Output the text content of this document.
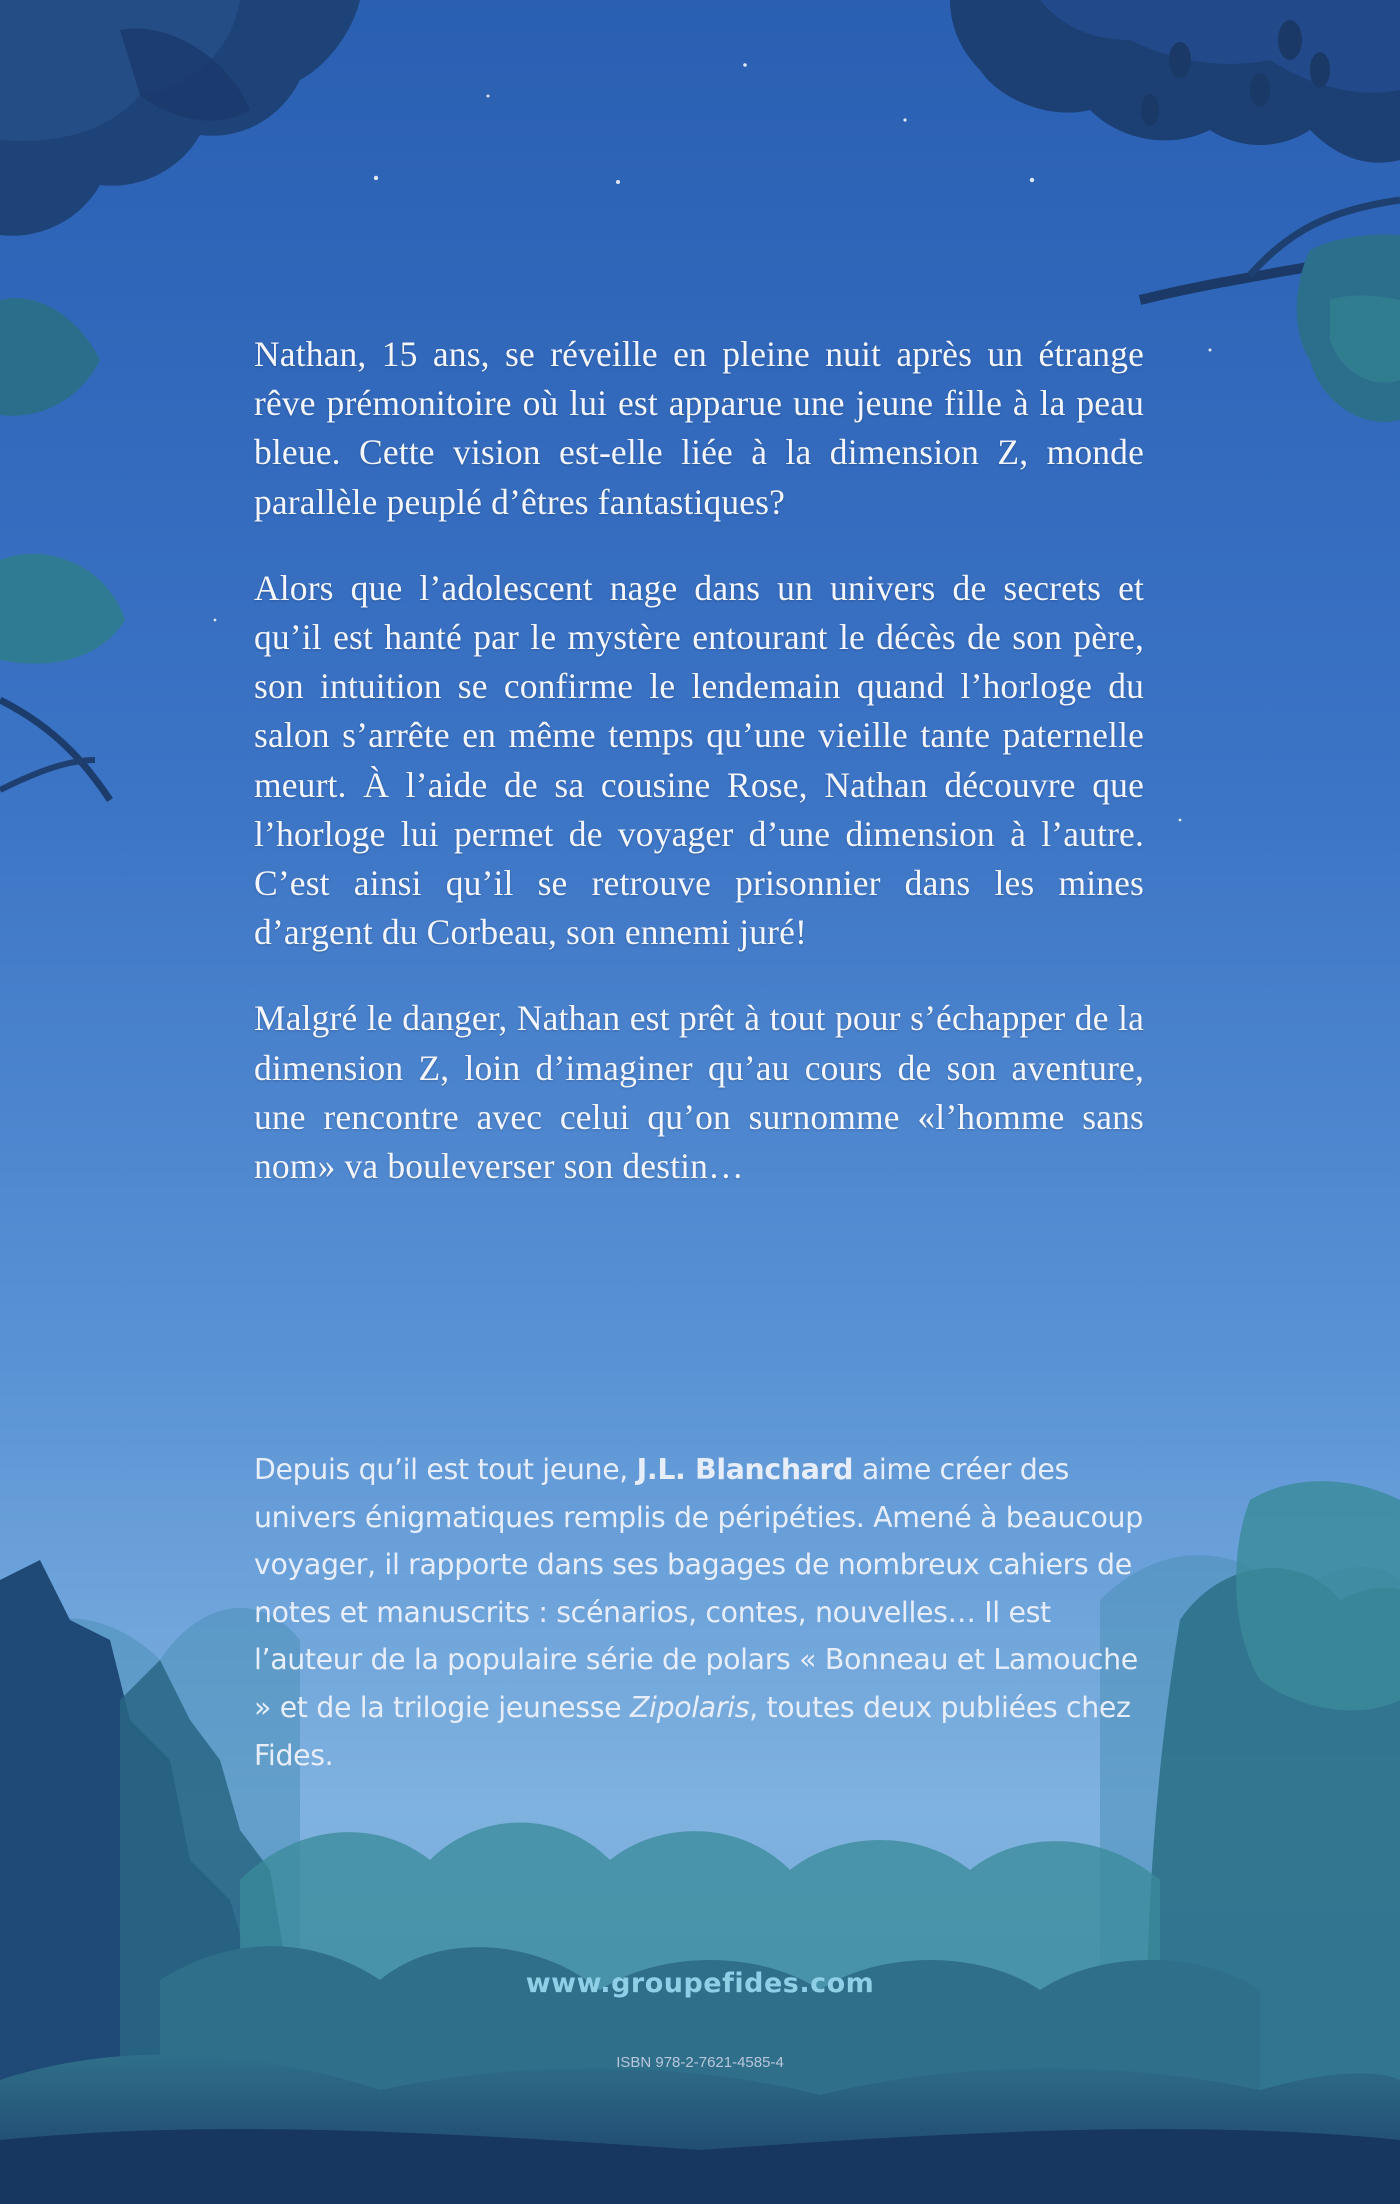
Nathan, 15 ans, se réveille en pleine nuit après un étrange rêve prémonitoire où lui est apparue une jeune fille à la peau bleue. Cette vision est-elle liée à la dimension Z, monde parallèle peuplé d’êtres fantastiques?

Alors que l’adolescent nage dans un univers de secrets et qu’il est hanté par le mystère entourant le décès de son père, son intuition se confirme le lendemain quand l’horloge du salon s’arrête en même temps qu’une vieille tante paternelle meurt. À l’aide de sa cousine Rose, Nathan découvre que l’horloge lui permet de voyager d’une dimension à l’autre. C’est ainsi qu’il se retrouve prisonnier dans les mines d’argent du Corbeau, son ennemi juré!

Malgré le danger, Nathan est prêt à tout pour s’échapper de la dimension Z, loin d’imaginer qu’au cours de son aventure, une rencontre avec celui qu’on surnomme «l’homme sans nom» va bouleverser son destin…

Depuis qu’il est tout jeune, J.L. Blanchard aime créer des univers énigmatiques remplis de péripéties. Amené à beaucoup voyager, il rapporte dans ses bagages de nombreux cahiers de notes et manuscrits : scénarios, contes, nouvelles… Il est l’auteur de la populaire série de polars « Bonneau et Lamouche » et de la trilogie jeunesse Zipolaris, toutes deux publiées chez Fides.

www.groupefides.com
ISBN 978-2-7621-4585-4
